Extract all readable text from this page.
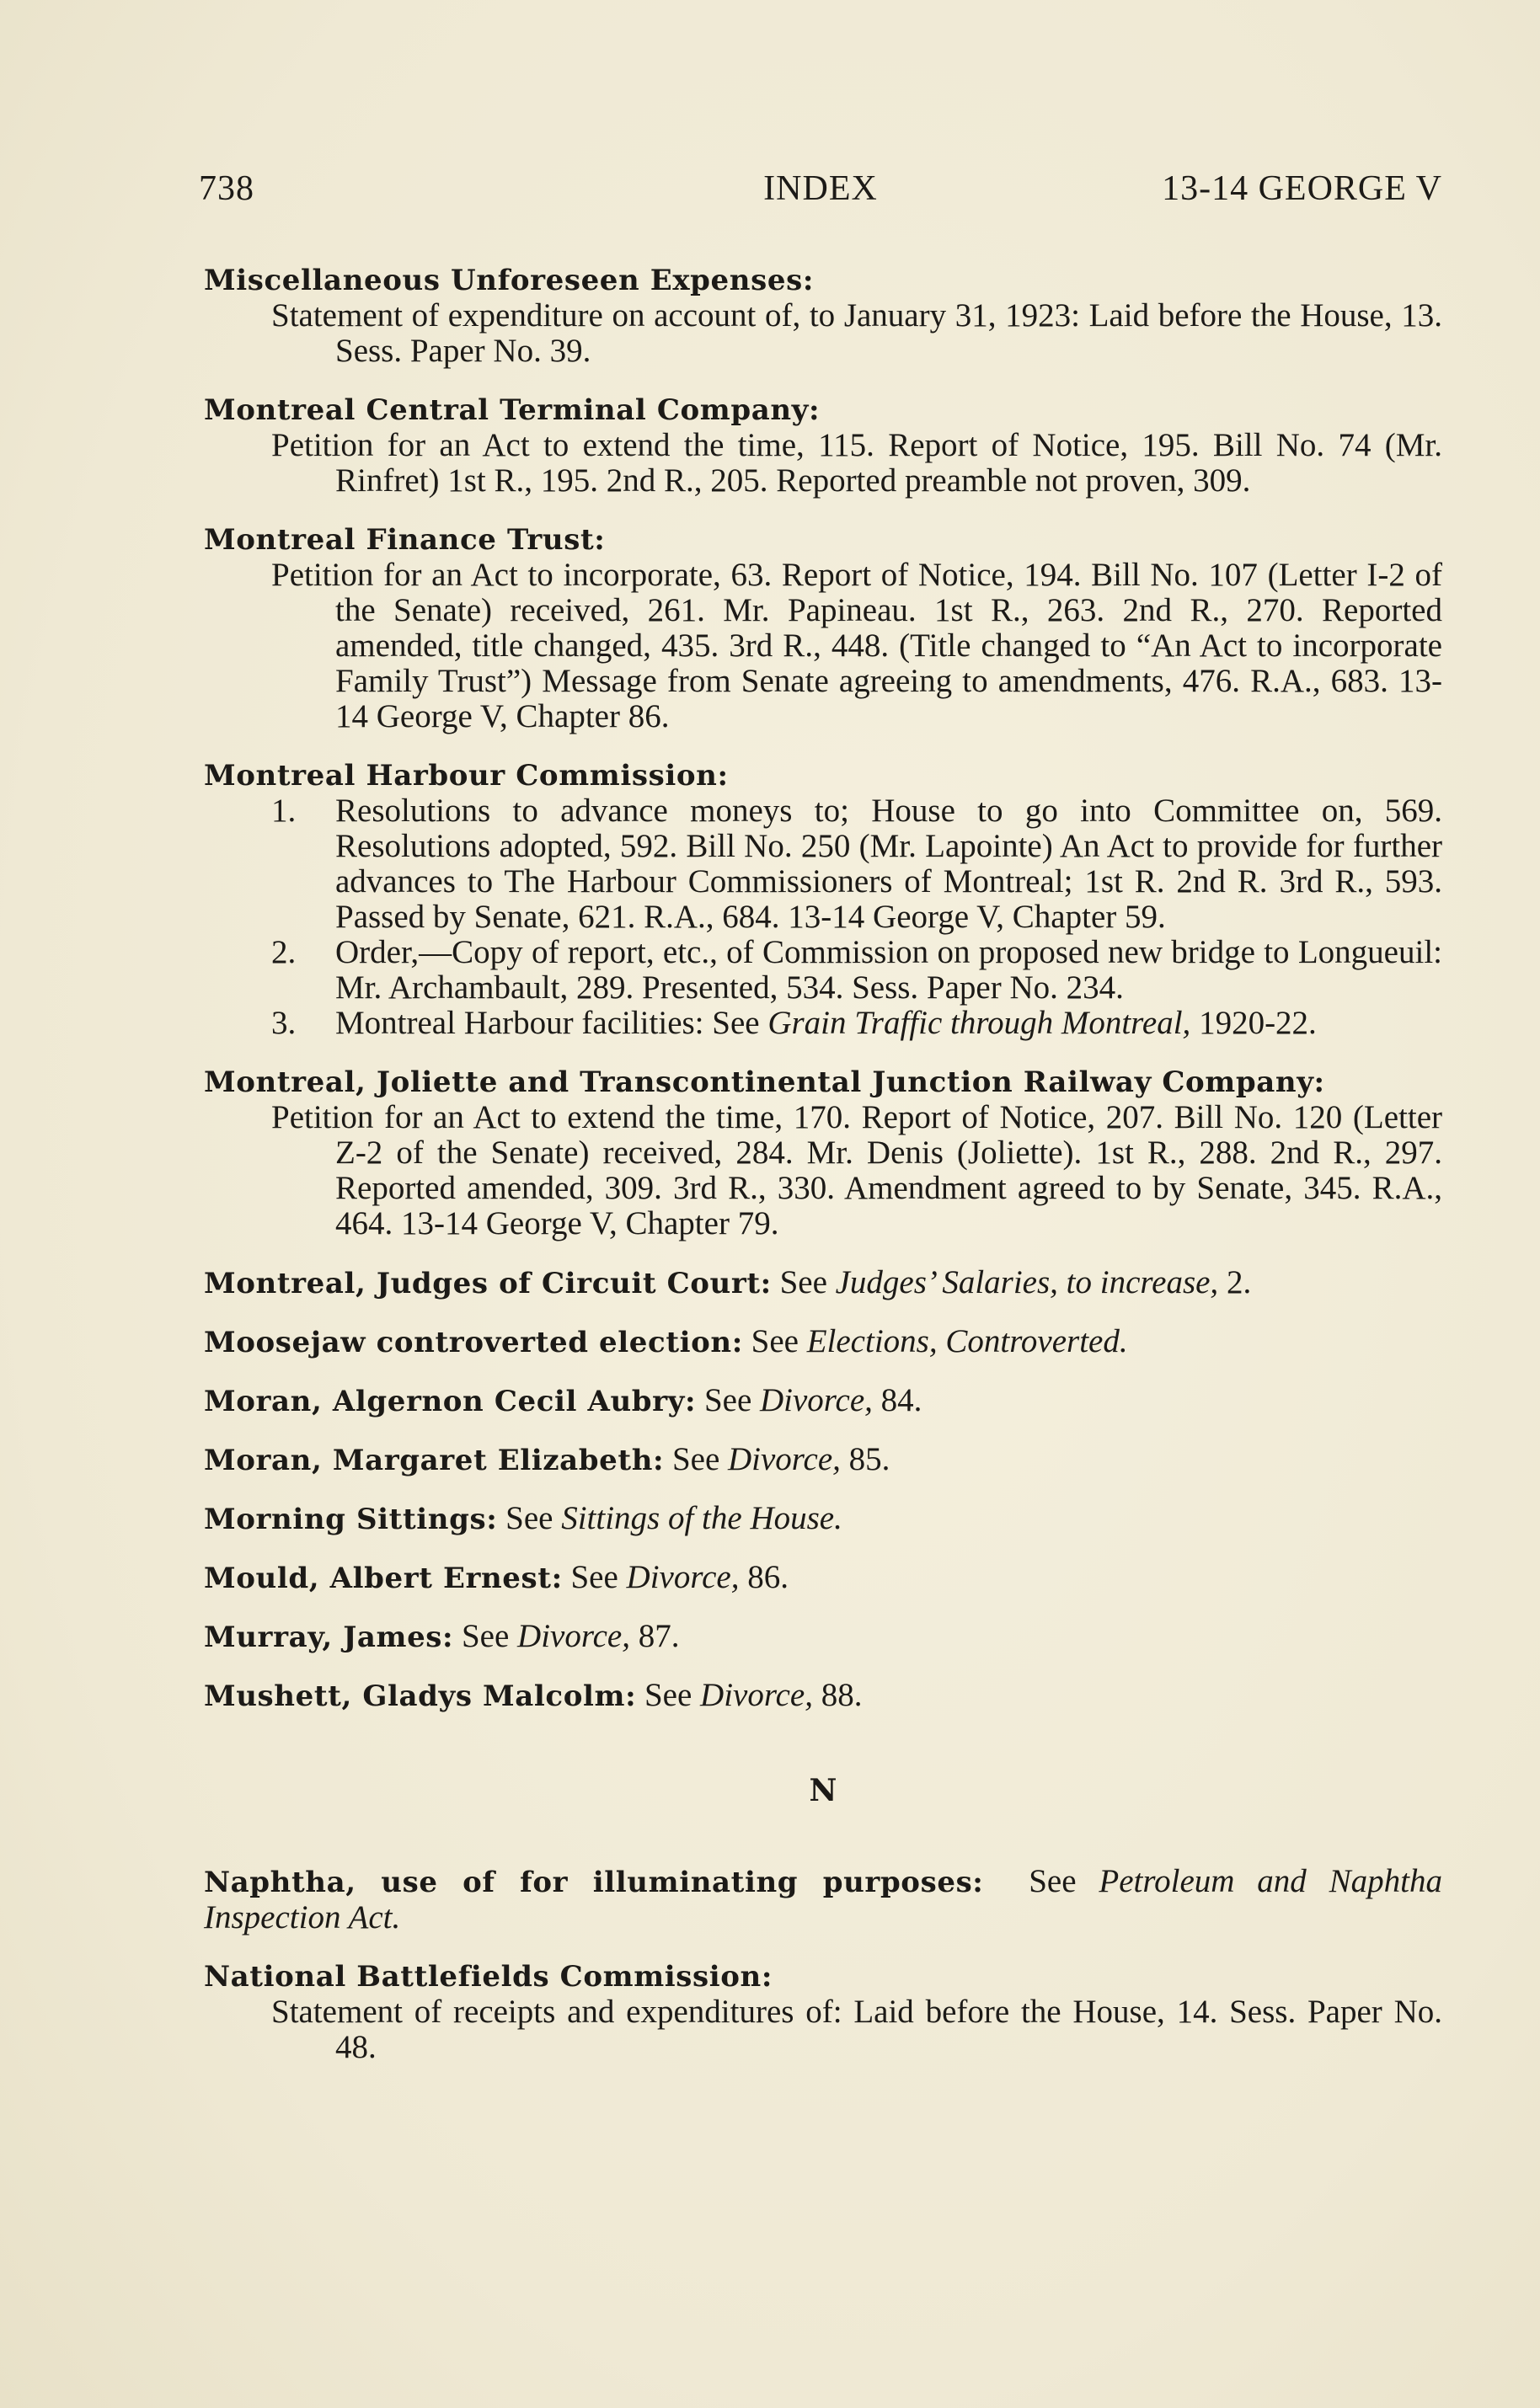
738	INDEX	13-14 GEORGE V
Miscellaneous Unforeseen Expenses:
Statement of expenditure on account of, to January 31, 1923: Laid before the House, 13. Sess. Paper No. 39.
Montreal Central Terminal Company:
Petition for an Act to extend the time, 115. Report of Notice, 195. Bill No. 74 (Mr. Rinfret) 1st R., 195. 2nd R., 205. Reported preamble not proven, 309.
Montreal Finance Trust:
Petition for an Act to incorporate, 63. Report of Notice, 194. Bill No. 107 (Letter I-2 of the Senate) received, 261. Mr. Papineau. 1st R., 263. 2nd R., 270. Reported amended, title changed, 435. 3rd R., 448. (Title changed to “An Act to incorporate Family Trust”) Message from Senate agreeing to amendments, 476. R.A., 683. 13-14 George V, Chapter 86.
Montreal Harbour Commission:
1. Resolutions to advance moneys to; House to go into Committee on, 569. Resolutions adopted, 592. Bill No. 250 (Mr. Lapointe) An Act to provide for further advances to The Harbour Commissioners of Montreal; 1st R. 2nd R. 3rd R., 593. Passed by Senate, 621. R.A., 684. 13-14 George V, Chapter 59.
2. Order,—Copy of report, etc., of Commission on proposed new bridge to Longueuil: Mr. Archambault, 289. Presented, 534. Sess. Paper No. 234.
3. Montreal Harbour facilities: See Grain Traffic through Montreal, 1920-22.
Montreal, Joliette and Transcontinental Junction Railway Company:
Petition for an Act to extend the time, 170. Report of Notice, 207. Bill No. 120 (Letter Z-2 of the Senate) received, 284. Mr. Denis (Joliette). 1st R., 288. 2nd R., 297. Reported amended, 309. 3rd R., 330. Amendment agreed to by Senate, 345. R.A., 464. 13-14 George V, Chapter 79.
Montreal, Judges of Circuit Court: See Judges’ Salaries, to increase, 2.
Moosejaw controverted election: See Elections, Controverted.
Moran, Algernon Cecil Aubry: See Divorce, 84.
Moran, Margaret Elizabeth: See Divorce, 85.
Morning Sittings: See Sittings of the House.
Mould, Albert Ernest: See Divorce, 86.
Murray, James: See Divorce, 87.
Mushett, Gladys Malcolm: See Divorce, 88.
N
Naphtha, use of for illuminating purposes: See Petroleum and Naphtha Inspection Act.
National Battlefields Commission:
Statement of receipts and expenditures of: Laid before the House, 14. Sess. Paper No. 48.
